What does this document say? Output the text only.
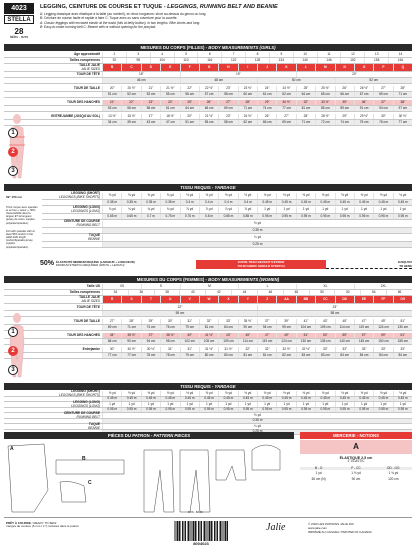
4023
STELLA
28
tailles - sizes
LEGGING, CEINTURE DE COURSE ET TUQUE - LEGGINGS, RUNNING BELT AND BEANIE
A: Legging classique avec élastique à la taille (au nombril), en deux longueurs: short au-dessus du genou ou long.
B: Ceinture de course facile et rapide à faire C: Tuque avec ou sans ouverture pour la couette.
A: Classic leggings with encased elastic at the waist (hits at belly button), in two lengths: Bike shorts and long.
B: Easy-to-make running belt C: Beanie with or without opening for the ponytail.
MESURES DU CORPS (FILLES) - BODY MEASUREMENTS (GIRLS)
Âge approximatif	2	3	4	5	6	7	8	9	10	11	12	13	14
Tailles européennes	92	98	104	110	116	122	128	134	140	146	152	158	164
TAILLE JALIE
JALIE SIZES	B	C	D	E	F	G	H	I	J	K	L	M	N	O	P	Q
TOUR DE TÊTE	18"	19"	20"
46 cm	48 cm	50 cm	52 cm
TOUR DE TAILLE	20"	20 ½"	21"	21 ½"	22"	22 ½"	23"	23 ½"	24"	24 ½"	25"	25 ½"	26"	26 ½"	27"	28"
51 cm	52 cm	53 cm	55 cm	56 cm	57 cm	58 cm	60 cm	61 cm	62 cm	64 cm	65 cm	66 cm	67 cm	69 cm	71 cm
TOUR DES HANCHES	21"	22"	23"	24"	25"	26"	27"	28"	29"	30 ½"	32"	33 ½"	35"	36"	37"	38"
53 cm	56 cm	58 cm	61 cm	64 cm	66 cm	69 cm	71 cm	74 cm	77 cm	81 cm	85 cm	89 cm	91 cm	94 cm	97 cm
ENTREJAMBE (JUSQU'AU SOL)	13 ½"	15 ½"	17"	18 ½"	20"	21 ½"	23"	24 ½"	26"	27"	28"	28 ½"	29"	29 ½"	30"	30 ½"
34 cm	39 cm	43 cm	47 cm	51 cm	55 cm	58 cm	62 cm	66 cm	69 cm	71 cm	72 cm	74 cm	75 cm	76 cm	77 cm
TISSU REQUIS - YARDAGE
LEGGING (SHORT)
LEGGINGS (BIKE SHORTS)	⅜ yd	⅜ yd	⅜ yd	⅜ yd	½ yd	½ yd	½ yd	½ yd	½ yd	½ yd	½ yd	½ yd	½ yd	½ yd	½ yd	½ yd
0.35 m	0.35 m	0.35 m	0.35 m	0.4 m	0.4 m	0.4 m	0.4 m	0.45 m	0.45 m	0.45 m	0.45 m	0.45 m	0.45 m	0.45 m	0.45 m
LEGGING (LONG)
LEGGINGS (LONG)	¾ yd	¾ yd	¾ yd	¾ yd	⅞ yd	⅞ yd	⅞ yd	⅞ yd	1 yd	1 yd	1 yd	1 yd	1 yd	1 yd	1 yd	1 yd
0.65 m	0.65 m	0.7 m	0.75 m	0.75 m	0.8 m	0.85 m	0.85 m	0.95 m	0.95 m	0.95 m	0.95 m	0.95 m	0.95 m	0.95 m	0.95 m
CEINTURE DE COURSE
RUNNING BELT	⅜ yd
0.35 m
TUQUE
BEANIE	¼ yd
0.25 m
MESURES DU CORPS (FEMMES) - BODY MEASUREMENTS (WOMEN)
Taille US	XS	S	M	L	XL	2XL
Tailles européennes	34	36	38	40	42	44	46	48	50	52	54	56
TAILLE JALIE
JALIE SIZES	R	S	T	U	V	W	X	Y	Z	AA	BB	CC	DD	EE	FF	GG
TOUR DE TÊTE	22"	23"
55 cm	58 cm
TOUR DE TAILLE	27"	28"	29"	30"	31"	32"	33"	35 ½"	37"	39"	41"	43"	45"	47"	49"	51"
69 cm	71 cm	74 cm	76 cm	79 cm	81 cm	84 cm	90 cm	94 cm	99 cm	104 cm	109 cm	114 cm	119 cm	124 cm	130 cm
TOUR DES HANCHES	34"	35 ½"	37"	38 ½"	40"	41 ½"	43"	45"	47"	49"	51"	53"	55"	57"	59"	61"
86 cm	90 cm	94 cm	98 cm	102 cm	105 cm	109 cm	114 cm	119 cm	124 cm	130 cm	135 cm	140 cm	145 cm	150 cm	155 cm
Entrejambe	30"	30 ½"	30 ½"	31"	31"	31 ½"	31 ½"	32"	32"	32 ½"	32 ½"	33"	33"	33"	33"	33"
77 cm	77 cm	78 cm	78 cm	79 cm	80 cm	80 cm	81 cm	81 cm	82 cm	83 cm	83 cm	84 cm	84 cm	84 cm	84 cm
TISSU REQUIS - YARDAGE
LEGGING (SHORT)
LEGGINGS (BIKE SHORTS)	½ yd	½ yd	½ yd	½ yd	½ yd	½ yd	½ yd	½ yd	½ yd	½ yd	½ yd	½ yd	½ yd	½ yd	½ yd	½ yd
0.45 m	0.45 m	0.45 m	0.45 m	0.45 m	0.45 m	0.45 m	0.45 m	0.45 m	0.45 m	0.45 m	0.45 m	0.45 m	0.45 m	0.45 m	0.45 m
LEGGING (LONG)
LEGGINGS (LONG)	1 yd	1 yd	1 yd	1 yd	1 yd	1 yd	1 yd	1 yd	1 yd	1 yd	1 yd	1 yd	1 yd	1 yd	1 yd	1 yd
0.95 m	0.95 m	0.95 m	0.95 m	0.95 m	0.95 m	0.95 m	0.95 m	0.95 m	0.95 m	0.95 m	0.95 m	0.95 m	0.95 m	0.95 m	0.95 m
CEINTURE DE COURSE
RUNNING BELT	⅜ yd
0.35 m
TUQUE
BEANIE	¼ yd
1
2
3
1
2
3
59" 150 cm
Tricot moyen avec spandex et un bon « retour », 50% d'extensibilité dans la largeur ET la longueur (jersey de coton, supplex, polyester/spandex).
Knit with spandex with at least 50% stretch in the width AND length (cotton/Spandex jersey, supplex, polyester/spandex).
50% ÉLASTICITÉ MINIMUM REQUISE (LARGEUR + LONGUEUR)
MINIMUM STRETCH REQUIRED (WIDTH + LENGTH)
VOTRE TISSU DEVRAIT S'ÉTIRER
YOUR FABRIC SHOULD STRETCH
JUSQU'ICI
TO HERE
PIÈCES DU PATRON - PATTERN PIECES
A
B
C
DOS - BACK
MERCERIE - NOTIONS
A
ÉLASTIQUE 2.5 cm
1" ELASTIC
B - O	P - CC	DD - GG
1 yd	1 ⅛ yd	1 ⅜ yd
60 cm (N)	90 cm	120 cm
PRÊT À COUDRE / READY TO SEW
marges de couture (6 mm / ¼") incluses dans le patron
8004023
Jalie	© 2020 LES PATRONS JALIE INC
www.jalie.com
IMPRIMÉ AU CANADA / PRINTED IN CANADA
